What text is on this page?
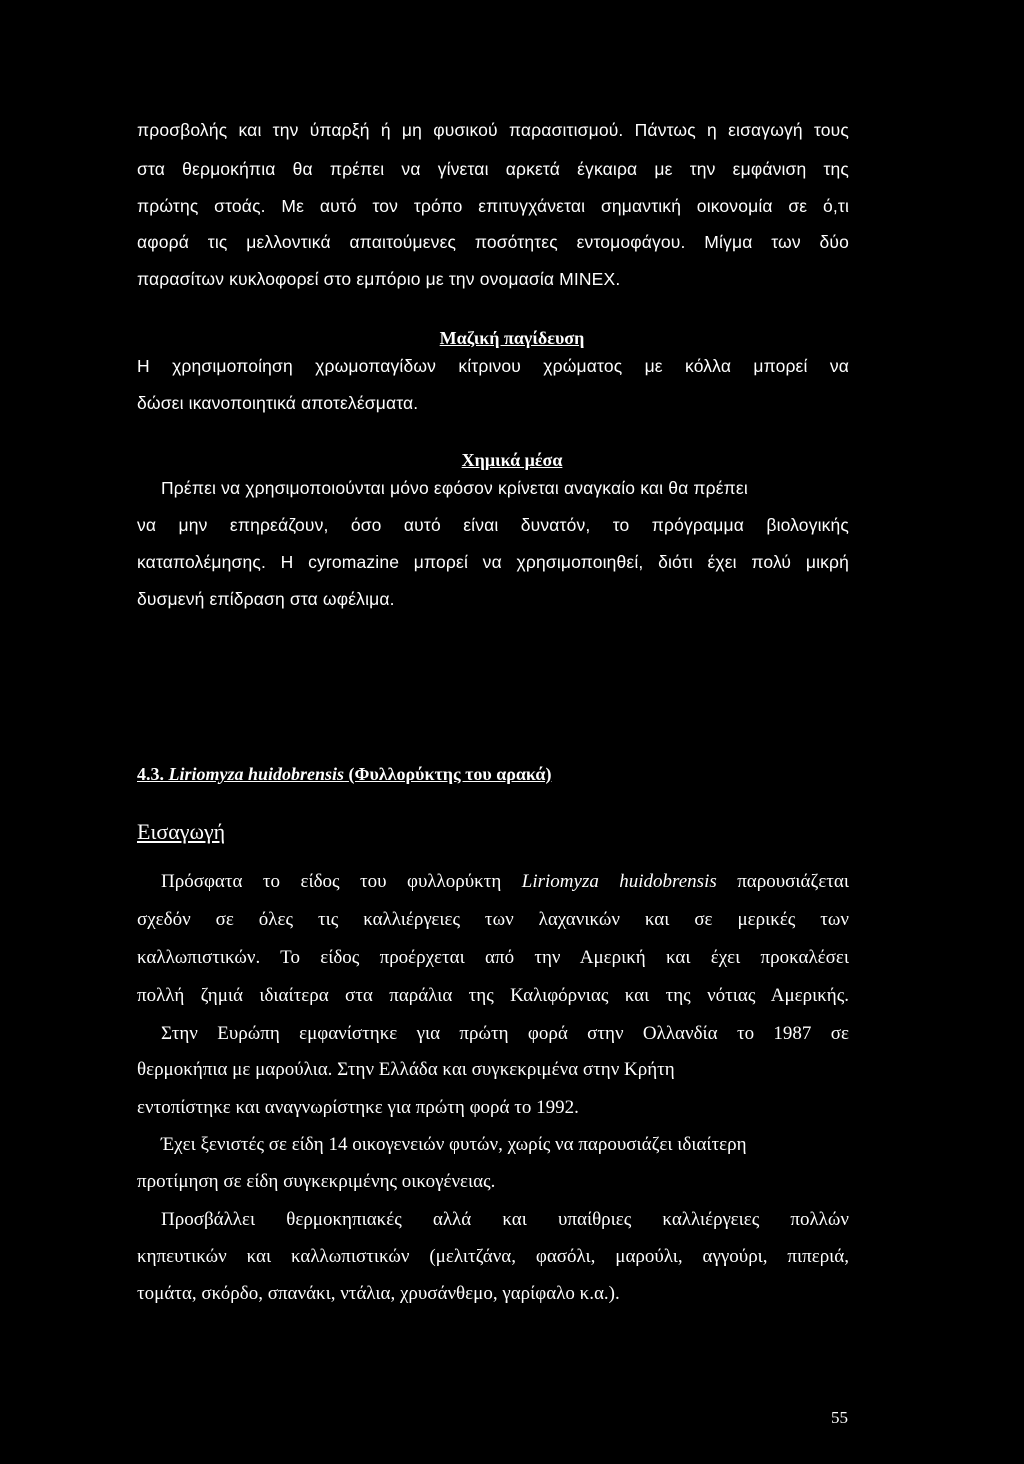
προσβολής και την ύπαρξή ή μη φυσικού παρασιτισμού. Πάντως η εισαγωγή τους
στα θερμοκήπια θα πρέπει να γίνεται αρκετά έγκαιρα με την εμφάνιση της
πρώτης στοάς. Με αυτό τον τρόπο επιτυγχάνεται σημαντική οικονομία σε ό,τι
αφορά τις μελλοντικά απαιτούμενες ποσότητες εντομοφάγου. Μίγμα των δύο
παρασίτων κυκλοφορεί στο εμπόριο με την ονομασία MINEX.
Μαζική παγίδευση
Η χρησιμοποίηση χρωμοπαγίδων κίτρινου χρώματος με κόλλα μπορεί να
δώσει ικανοποιητικά αποτελέσματα.
Χημικά μέσα
Πρέπει να χρησιμοποιούνται μόνο εφόσον κρίνεται αναγκαίο και θα πρέπει
να μην επηρεάζουν, όσο αυτό είναι δυνατόν, το πρόγραμμα βιολογικής
καταπολέμησης. Η cyromazine μπορεί να χρησιμοποιηθεί, διότι έχει πολύ μικρή
δυσμενή επίδραση στα ωφέλιμα.
4.3. Liriomyza huidobrensis (Φυλλορύκτης του αρακά)
Εισαγωγή
Πρόσφατα το είδος του φυλλορύκτη Liriomyza huidobrensis παρουσιάζεται
σχεδόν σε όλες τις καλλιέργειες των λαχανικών και σε μερικές των
καλλωπιστικών. Το είδος προέρχεται από την Αμερική και έχει προκαλέσει
πολλή ζημιά ιδιαίτερα στα παράλια της Καλιφόρνιας και της νότιας Αμερικής.
Στην Ευρώπη εμφανίστηκε για πρώτη φορά στην Ολλανδία το 1987 σε
θερμοκήπια με μαρούλια. Στην Ελλάδα και συγκεκριμένα στην Κρήτη
εντοπίστηκε και αναγνωρίστηκε για πρώτη φορά το 1992.
Έχει ξενιστές σε είδη 14 οικογενειών φυτών, χωρίς να παρουσιάζει ιδιαίτερη
προτίμηση σε είδη συγκεκριμένης οικογένειας.
Προσβάλλει θερμοκηπιακές αλλά και υπαίθριες καλλιέργειες πολλών
κηπευτικών και καλλωπιστικών (μελιτζάνα, φασόλι, μαρούλι, αγγούρι, πιπεριά,
τομάτα, σκόρδο, σπανάκι, ντάλια, χρυσάνθεμο, γαρίφαλο κ.α.).
55
